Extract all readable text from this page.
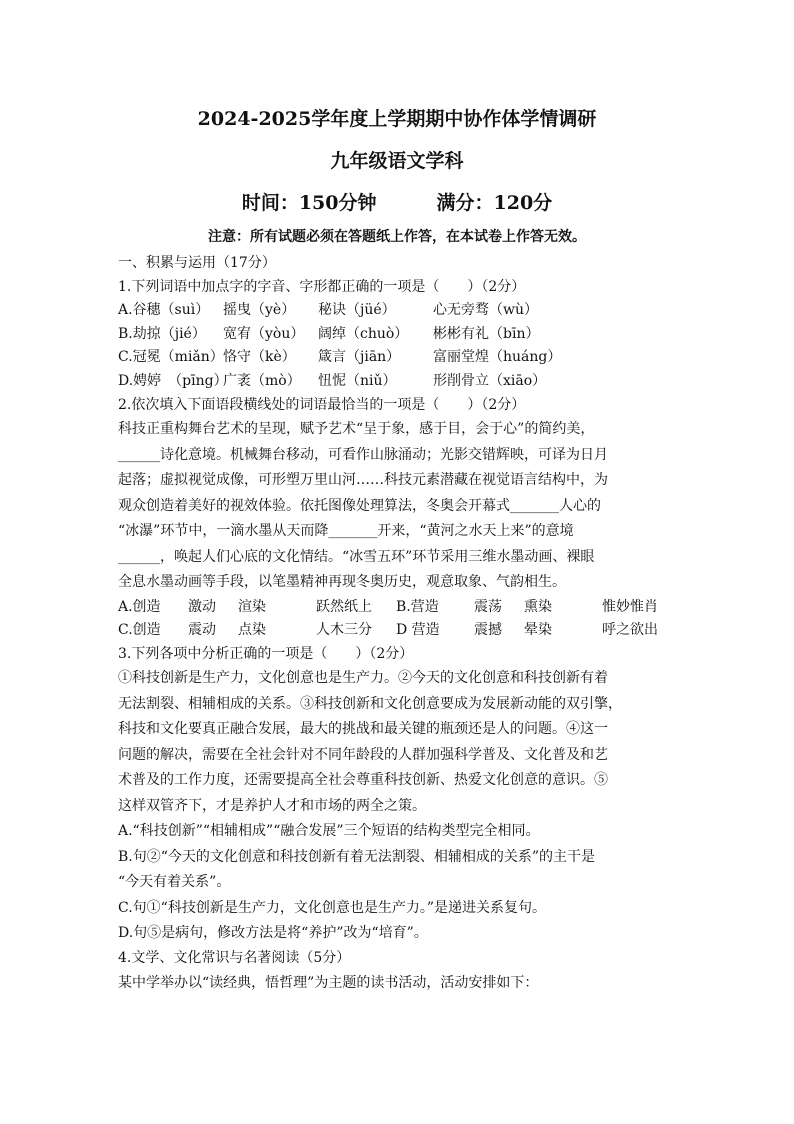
2024-2025学年度上学期期中协作体学情调研
九年级语文学科
时间：150分钟	满分：120分
注意：所有试题必须在答题纸上作答，在本试卷上作答无效。
一、积累与运用（17分）
1.下列词语中加点字的字音、字形都正确的一项是（　　）（2分）
A.谷穗（suì） 摇曳（yè） 秘诀（jüé）	心无旁骛（wù）
B.劫掠（jié） 宽宥（yòu） 阔绰（chuò） 彬彬有礼（bīn）
C.冠冕（miǎn）恪守（kè） 箴言（jiān） 富丽堂煌（huáng）
D.娉婷　（pīng）广袤（mò） 忸怩（niǔ）	形削骨立（xiāo）
2.依次填入下面语段横线处的词语最恰当的一项是（　　）（2分）
科技正重构舞台艺术的呈现，赋予艺术“呈于象，感于目，会于心”的简约美，
______诗化意境。机械舞台移动，可看作山脉涌动；光影交错辉映，可译为日月
起落；虚拟视觉成像，可形塑万里山河……科技元素潜藏在视觉语言结构中，为
观众创造着美好的视效体验。依托图像处理算法，冬奥会开幕式_______人心的
“冰瀑”环节中，一滴水墨从天而降_______开来，“黄河之水天上来”的意境
______，唤起人们心底的文化情结。“冰雪五环”环节采用三维水墨动画、裸眼
全息水墨动画等手段，以笔墨精神再现冬奥历史，观意取象、气韵相生。
A.创造 激动 渲染	跃然纸上 B.营造	震荡 熏染	惟妙惟肖
C.创造 震动 点染	人木三分 D 营造 震撼 晕染	呼之欲出
3.下列各项中分析正确的一项是（　　）（2分）
①科技创新是生产力，文化创意也是生产力。②今天的文化创意和科技创新有着
无法割裂、相辅相成的关系。③科技创新和文化创意要成为发展新动能的双引擎，
科技和文化要真正融合发展，最大的挑战和最关键的瓶颈还是人的问题。④这一
问题的解决，需要在全社会针对不同年龄段的人群加强科学普及、文化普及和艺
术普及的工作力度，还需要提高全社会尊重科技创新、热爱文化创意的意识。⑤
这样双管齐下，才是养护人才和市场的两全之策。
A.“科技创新”“相辅相成”“融合发展”三个短语的结构类型完全相同。
B.句②“今天的文化创意和科技创新有着无法割裂、相辅相成的关系”的主干是
“今天有着关系”。
C.句①“科技创新是生产力，文化创意也是生产力。”是递进关系复句。
D.句⑤是病句，修改方法是将“养护”改为“培育”。
4.文学、文化常识与名著阅读（5分）
某中学举办以“读经典，悟哲理”为主题的读书活动，活动安排如下：
